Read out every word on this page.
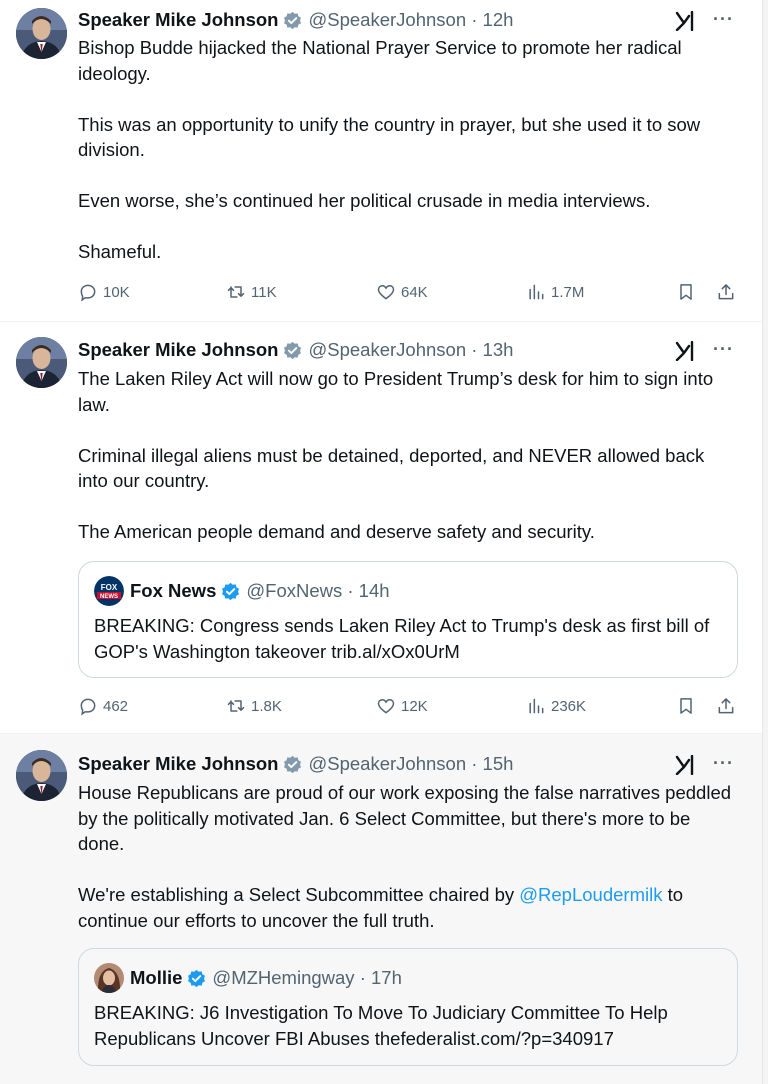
Speaker Mike Johnson @SpeakerJohnson · 12h	···

Bishop Budde hijacked the National Prayer Service to promote her radical ideology.

This was an opportunity to unify the country in prayer, but she used it to sow division.

Even worse, she’s continued her political crusade in media interviews.

Shameful.

10K	11K	64K	1.7M
Speaker Mike Johnson @SpeakerJohnson · 13h	···

The Laken Riley Act will now go to President Trump’s desk for him to sign into law.

Criminal illegal aliens must be detained, deported, and NEVER allowed back into our country.

The American people demand and deserve safety and security.

FOX
NEWS Fox News @FoxNews · 14h
BREAKING: Congress sends Laken Riley Act to Trump's desk as first bill of GOP's Washington takeover trib.al/xOx0UrM
462	1.8K	12K	236K
Speaker Mike Johnson @SpeakerJohnson · 15h	···

House Republicans are proud of our work exposing the false narratives peddled by the politically motivated Jan. 6 Select Committee, but there's more to be done.

We're establishing a Select Subcommittee chaired by @RepLoudermilk to continue our efforts to uncover the full truth.

Mollie @MZHemingway · 17h
BREAKING: J6 Investigation To Move To Judiciary Committee To Help Republicans Uncover FBI Abuses thefederalist.com/?p=340917
